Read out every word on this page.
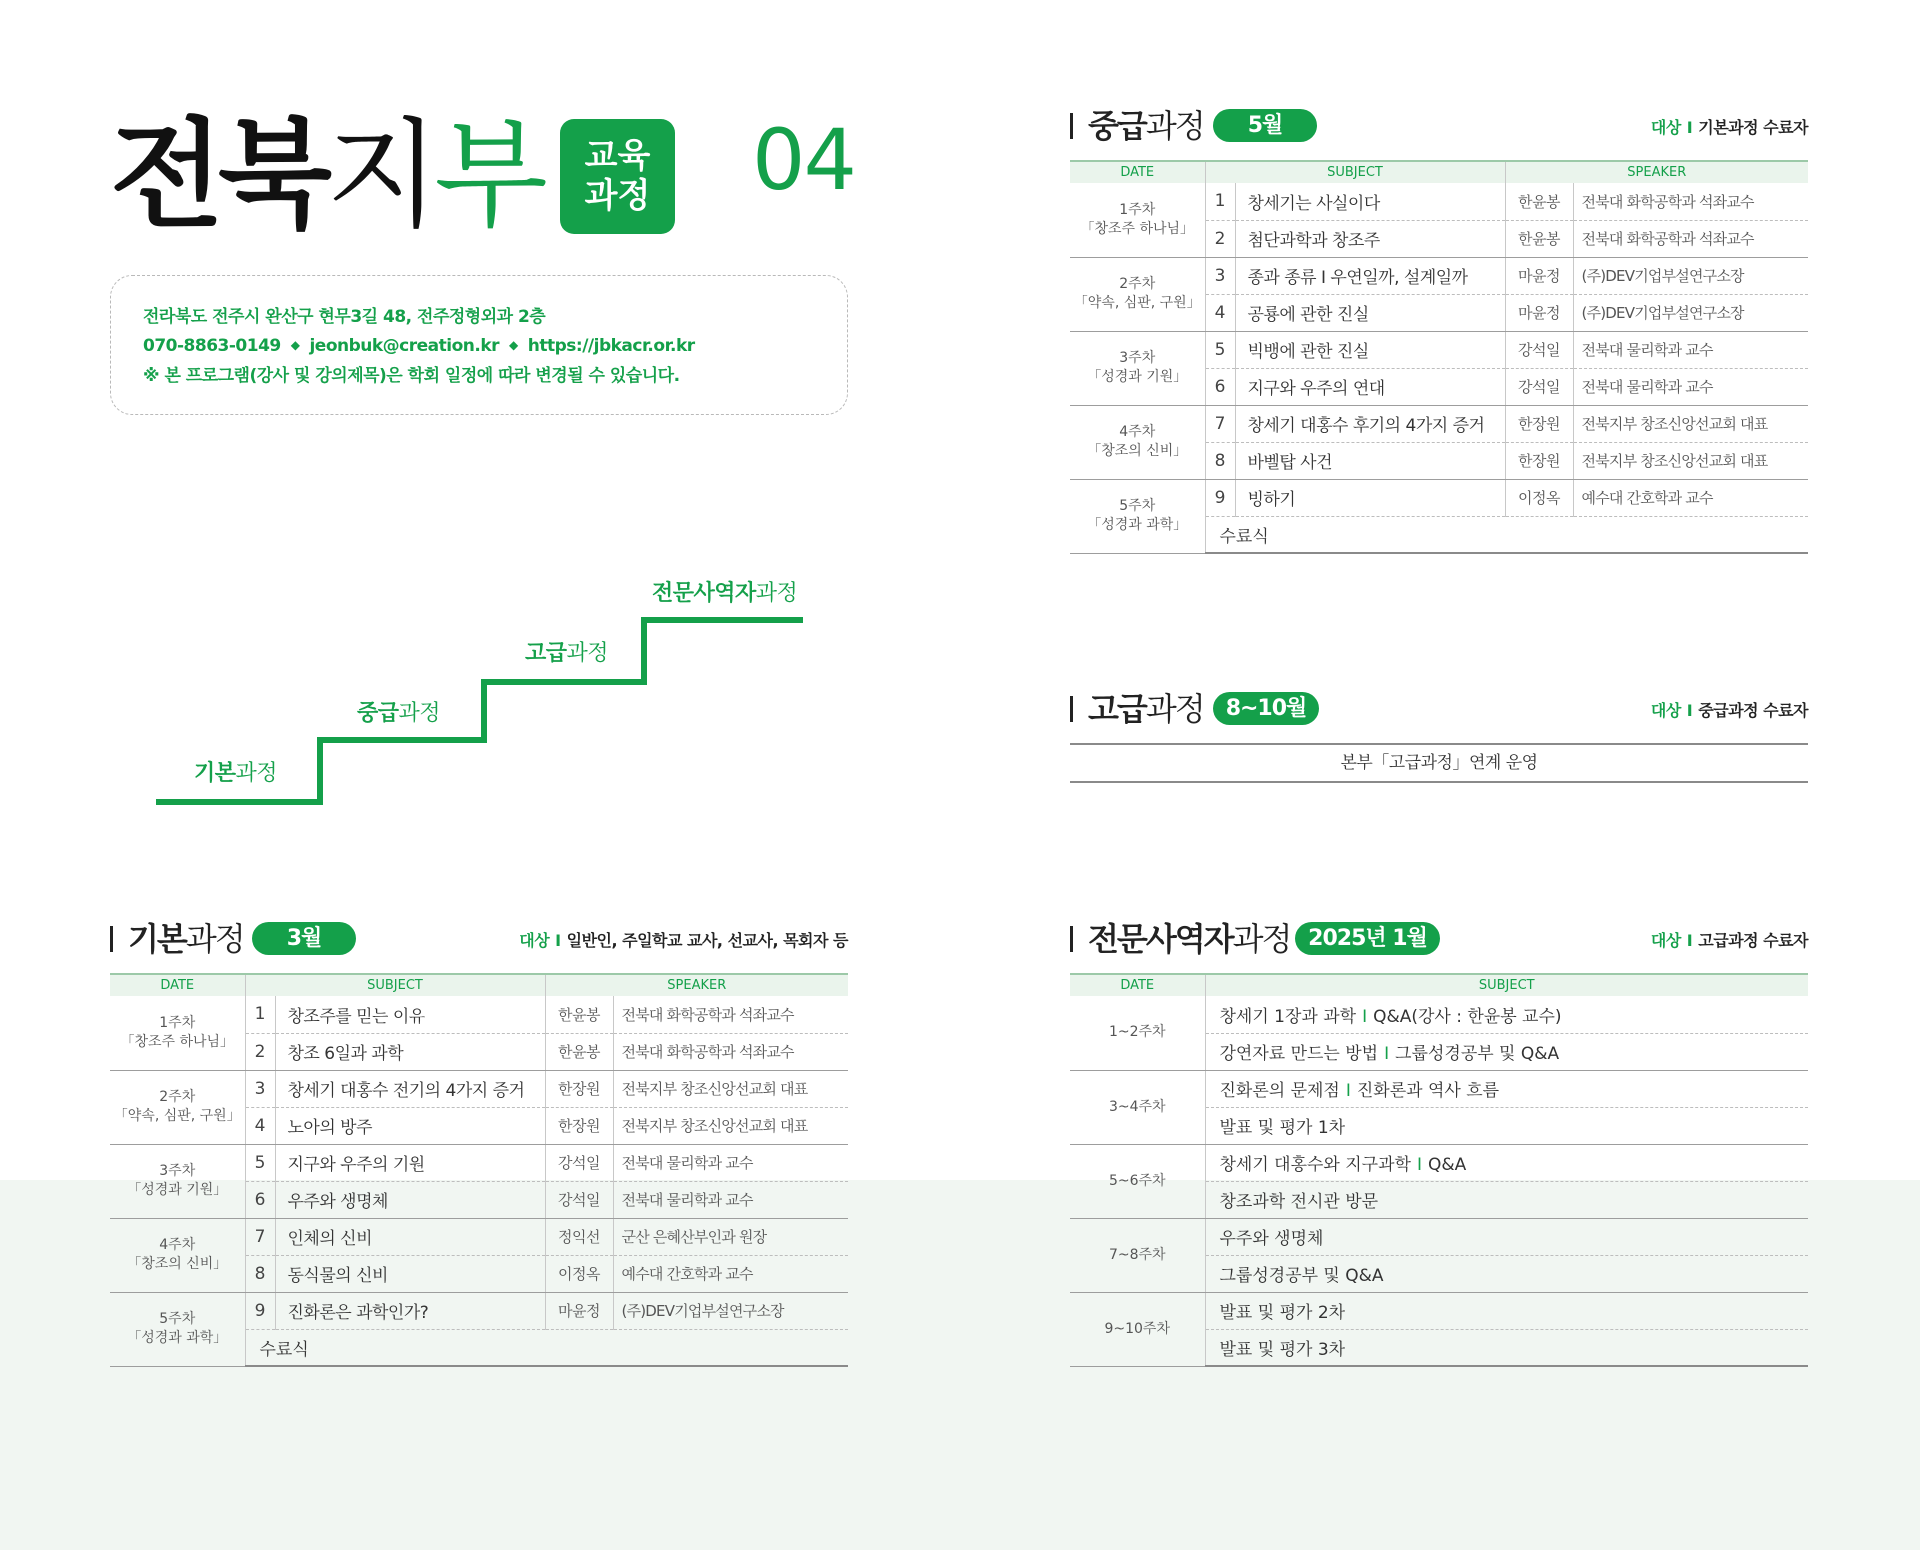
전북지부	교육
과정 04
전라북도 전주시 완산구 현무3길 48, 전주정형외과 2층
070-8863-0149 ◆ jeonbuk@creation.kr ◆ https://jbkacr.or.kr
※ 본 프로그램(강사 및 강의제목)은 학회 일정에 따라 변경될 수 있습니다.
기본과정
중급과정
고급과정
전문사역자과정
중급과정	5월	대상 I 기본과정 수료자
DATE	SUBJECT		SPEAKER	

1주차
「창조주 하나님」	1	창세기는 사실이다	한윤봉	전북대 화학공학과 석좌교수
	2	첨단과학과 창조주	한윤봉	전북대 화학공학과 석좌교수

2주차
「약속, 심판, 구원」	3	종과 종류 I 우연일까, 설계일까	마윤정	(주)DEV기업부설연구소장
	4	공룡에 관한 진실	마윤정	(주)DEV기업부설연구소장

3주차
「성경과 기원」	5	빅뱅에 관한 진실	강석일	전북대 물리학과 교수
	6	지구와 우주의 연대	강석일	전북대 물리학과 교수

4주차
「창조의 신비」	7	창세기 대홍수 후기의 4가지 증거	한장원	전북지부 창조신앙선교회 대표
	8	바벨탑 사건	한장원	전북지부 창조신앙선교회 대표

5주차
「성경과 과학」	9	빙하기	이정옥	예수대 간호학과 교수
	수료식			
고급과정	8~10월	대상 I 중급과정 수료자
본부「고급과정」연계 운영
기본과정	3월	대상 I 일반인, 주일학교 교사, 선교사, 목회자 등
DATE	SUBJECT		SPEAKER	

1주차
「창조주 하나님」	1	창조주를 믿는 이유	한윤봉	전북대 화학공학과 석좌교수
	2	창조 6일과 과학	한윤봉	전북대 화학공학과 석좌교수

2주차
「약속, 심판, 구원」	3	창세기 대홍수 전기의 4가지 증거	한장원	전북지부 창조신앙선교회 대표
	4	노아의 방주	한장원	전북지부 창조신앙선교회 대표

3주차
「성경과 기원」	5	지구와 우주의 기원	강석일	전북대 물리학과 교수
	6	우주와 생명체	강석일	전북대 물리학과 교수

4주차
「창조의 신비」	7	인체의 신비	정익선	군산 은혜산부인과 원장
	8	동식물의 신비	이정옥	예수대 간호학과 교수

5주차
「성경과 과학」	9	진화론은 과학인가?	마윤정	(주)DEV기업부설연구소장
	수료식			
전문사역자과정 2025년 1월	대상 I 고급과정 수료자
DATE	SUBJECT
1~2주차	창세기 1장과 과학 I Q&A(강사 : 한윤봉 교수)
	강연자료 만드는 방법 I 그룹성경공부 및 Q&A
3~4주차	진화론의 문제점 I 진화론과 역사 흐름
	발표 및 평가 1차
5~6주차	창세기 대홍수와 지구과학 I Q&A
	창조과학 전시관 방문
7~8주차	우주와 생명체
	그룹성경공부 및 Q&A
9~10주차	발표 및 평가 2차
	발표 및 평가 3차
